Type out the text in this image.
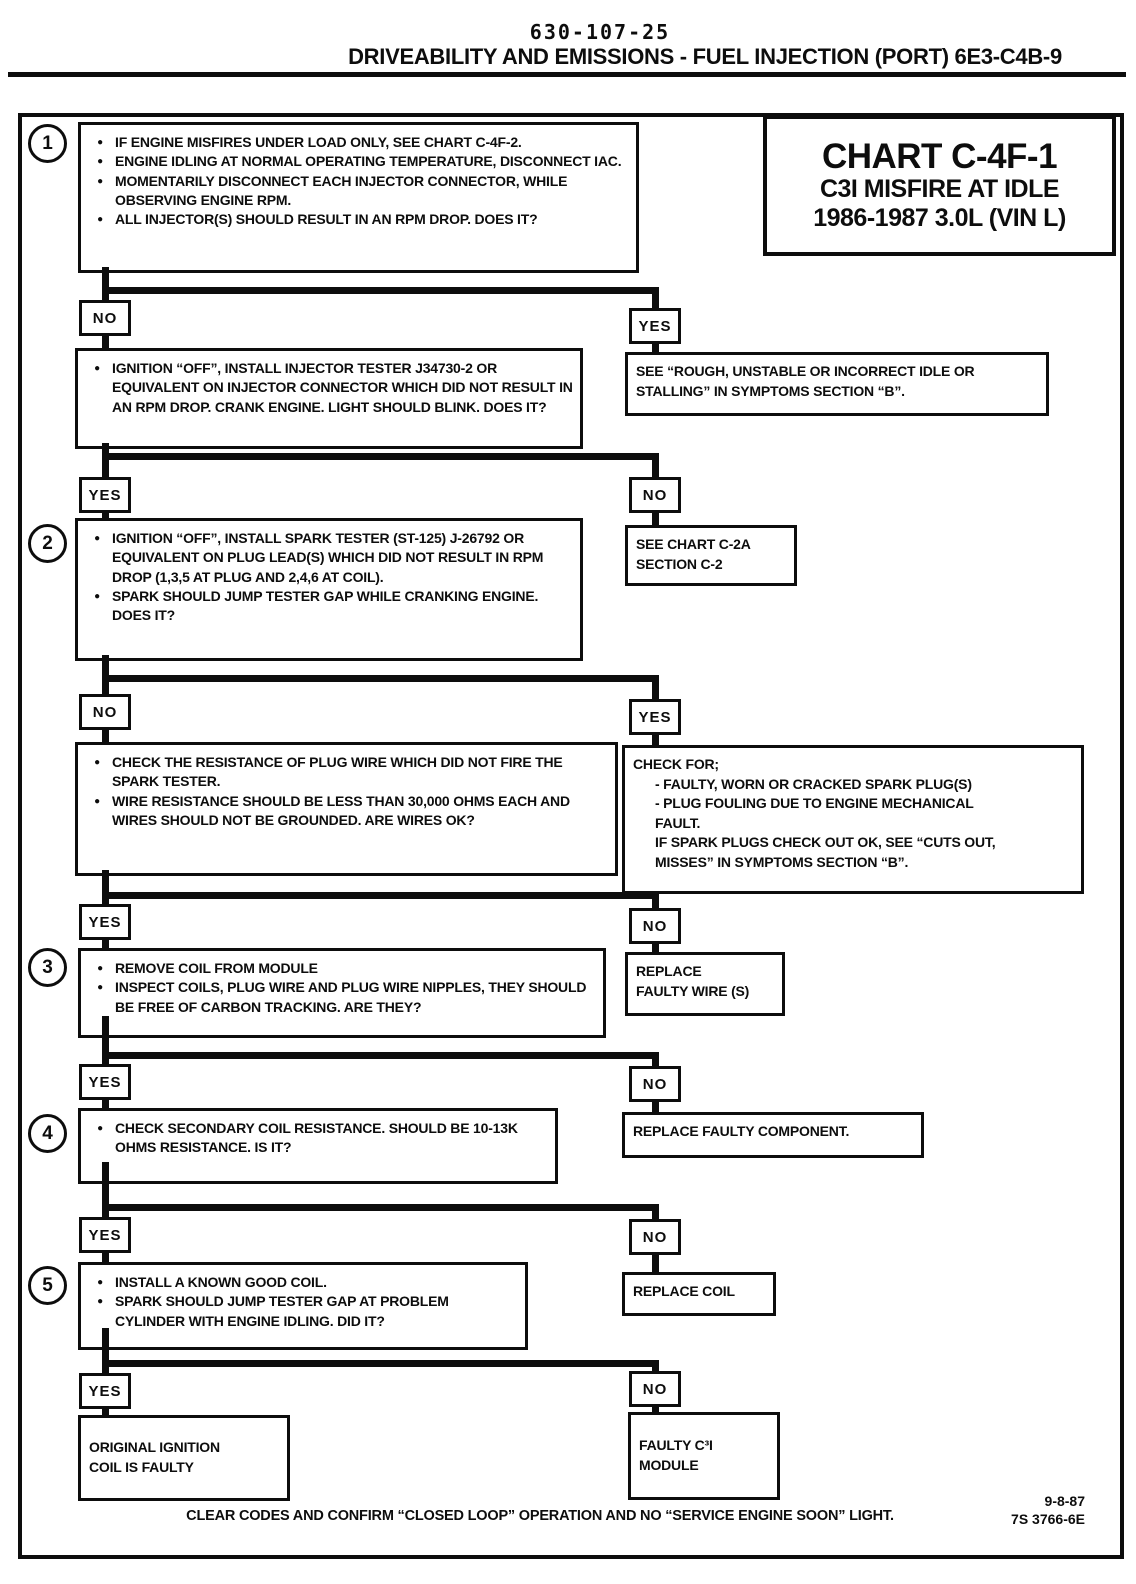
630-107-25
DRIVEABILITY AND EMISSIONS - FUEL INJECTION (PORT) 6E3-C4B-9
CHART C-4F-1
C3I MISFIRE AT IDLE
1986-1987 3.0L (VIN L)
1
2
3
4
5
● IF ENGINE MISFIRES UNDER LOAD ONLY, SEE CHART C-4F-2.
● ENGINE IDLING AT NORMAL OPERATING TEMPERATURE, DISCONNECT IAC.
● MOMENTARILY DISCONNECT EACH INJECTOR CONNECTOR, WHILE OBSERVING ENGINE RPM.
● ALL INJECTOR(S) SHOULD RESULT IN AN RPM DROP. DOES IT?
NO	YES
● IGNITION “OFF”, INSTALL INJECTOR TESTER J34730-2 OR EQUIVALENT ON INJECTOR CONNECTOR WHICH DID NOT RESULT IN AN RPM DROP. CRANK ENGINE. LIGHT SHOULD BLINK. DOES IT?
SEE “ROUGH, UNSTABLE OR INCORRECT IDLE OR STALLING” IN SYMPTOMS SECTION “B”.
YES	NO
● IGNITION “OFF”, INSTALL SPARK TESTER (ST-125) J-26792 OR EQUIVALENT ON PLUG LEAD(S) WHICH DID NOT RESULT IN RPM DROP (1,3,5 AT PLUG AND 2,4,6 AT COIL).
● SPARK SHOULD JUMP TESTER GAP WHILE CRANKING ENGINE. DOES IT?
SEE CHART C-2A
SECTION C-2
NO	YES
● CHECK THE RESISTANCE OF PLUG WIRE WHICH DID NOT FIRE THE SPARK TESTER.
● WIRE RESISTANCE SHOULD BE LESS THAN 30,000 OHMS EACH AND WIRES SHOULD NOT BE GROUNDED. ARE WIRES OK?
CHECK FOR;
- FAULTY, WORN OR CRACKED SPARK PLUG(S)
- PLUG FOULING DUE TO ENGINE MECHANICAL
FAULT.
IF SPARK PLUGS CHECK OUT OK, SEE “CUTS OUT,
MISSES” IN SYMPTOMS SECTION “B”.
YES	NO
● REMOVE COIL FROM MODULE
● INSPECT COILS, PLUG WIRE AND PLUG WIRE NIPPLES, THEY SHOULD BE FREE OF CARBON TRACKING. ARE THEY?
REPLACE
FAULTY WIRE (S)
YES	NO
● CHECK SECONDARY COIL RESISTANCE. SHOULD BE 10-13K OHMS RESISTANCE. IS IT?
REPLACE FAULTY COMPONENT.
YES	NO
● INSTALL A KNOWN GOOD COIL.
● SPARK SHOULD JUMP TESTER GAP AT PROBLEM CYLINDER WITH ENGINE IDLING. DID IT?
REPLACE COIL
YES	NO
ORIGINAL IGNITION
COIL IS FAULTY
FAULTY C³I
MODULE
CLEAR CODES AND CONFIRM “CLOSED LOOP” OPERATION AND NO “SERVICE ENGINE SOON” LIGHT.
9-8-87
7S 3766-6E
